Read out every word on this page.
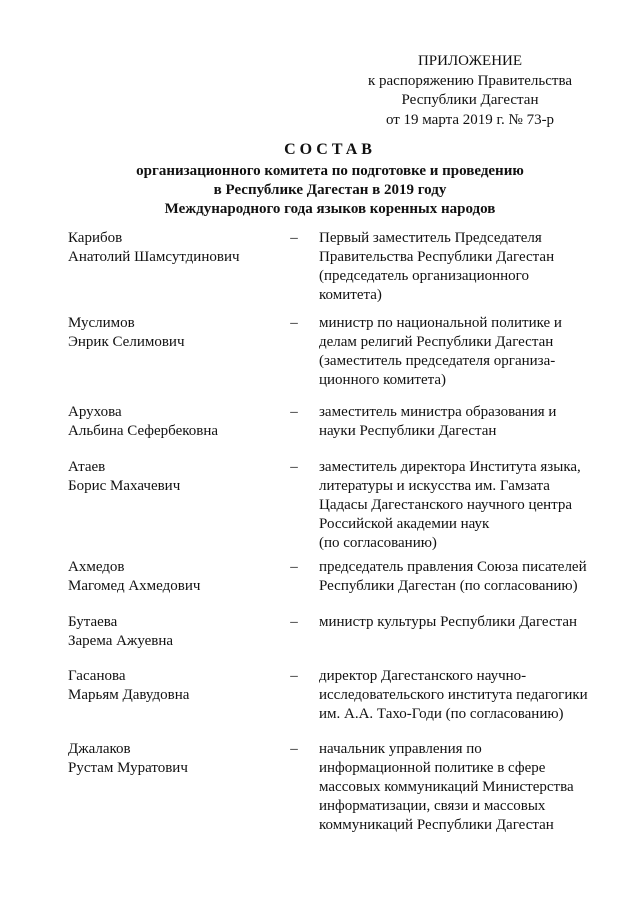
ПРИЛОЖЕНИЕ
к распоряжению Правительства
Республики Дагестан
от 19 марта 2019 г. № 73-р
СОСТАВ
организационного комитета по подготовке и проведению
в Республике Дагестан в 2019 году
Международного года языков коренных народов
Карибов
Анатолий Шамсутдинович
– Первый заместитель Председателя
Правительства Республики Дагестан
(председатель организационного
комитета)
Муслимов
Энрик Селимович
– министр по национальной политике и
делам религий Республики Дагестан
(заместитель председателя организа-
ционного комитета)
Арухова
Альбина Сефербековна
– заместитель министра образования и
науки Республики Дагестан
Атаев
Борис Махачевич
– заместитель директора Института языка,
литературы и искусства им. Гамзата
Цадасы Дагестанского научного центра
Российской академии наук
(по согласованию)
Ахмедов
Магомед Ахмедович
– председатель правления Союза писателей
Республики Дагестан (по согласованию)
Бутаева
Зарема Ажуевна
– министр культуры Республики Дагестан
Гасанова
Марьям Давудовна
– директор Дагестанского научно-
исследовательского института педагогики
им. А.А. Тахо-Годи (по согласованию)
Джалаков
Рустам Муратович
– начальник управления по
информационной политике в сфере
массовых коммуникаций Министерства
информатизации, связи и массовых
коммуникаций Республики Дагестан
